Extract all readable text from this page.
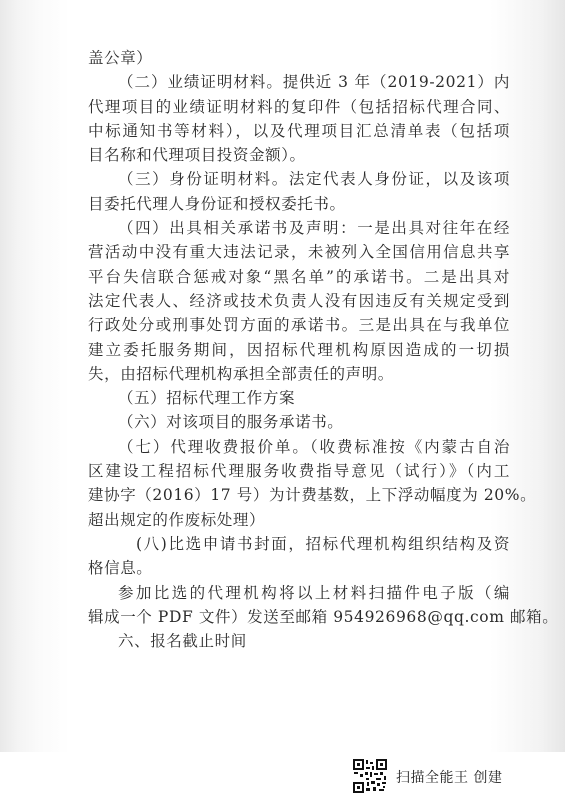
盖公章）
（二）业绩证明材料。提供近 3 年（2019-2021）内
代理项目的业绩证明材料的复印件（包括招标代理合同、
中标通知书等材料），以及代理项目汇总清单表（包括项
目名称和代理项目投资金额）。
（三）身份证明材料。法定代表人身份证，以及该项
目委托代理人身份证和授权委托书。
（四）出具相关承诺书及声明：一是出具对往年在经
营活动中没有重大违法记录，未被列入全国信用信息共享
平台失信联合惩戒对象“黑名单”的承诺书。二是出具对
法定代表人、经济或技术负责人没有因违反有关规定受到
行政处分或刑事处罚方面的承诺书。三是出具在与我单位
建立委托服务期间，因招标代理机构原因造成的一切损
失，由招标代理机构承担全部责任的声明。
（五）招标代理工作方案
（六）对该项目的服务承诺书。
（七）代理收费报价单。（收费标准按《内蒙古自治
区建设工程招标代理服务收费指导意见（试行）》（内工
建协字（2016）17 号）为计费基数，上下浮动幅度为 20%。
超出规定的作废标处理）
(八)比选申请书封面，招标代理机构组织结构及资
格信息。
参加比选的代理机构将以上材料扫描件电子版（编
辑成一个 PDF 文件）发送至邮箱 954926968@qq.com 邮箱。
六、报名截止时间
扫描全能王 创建
